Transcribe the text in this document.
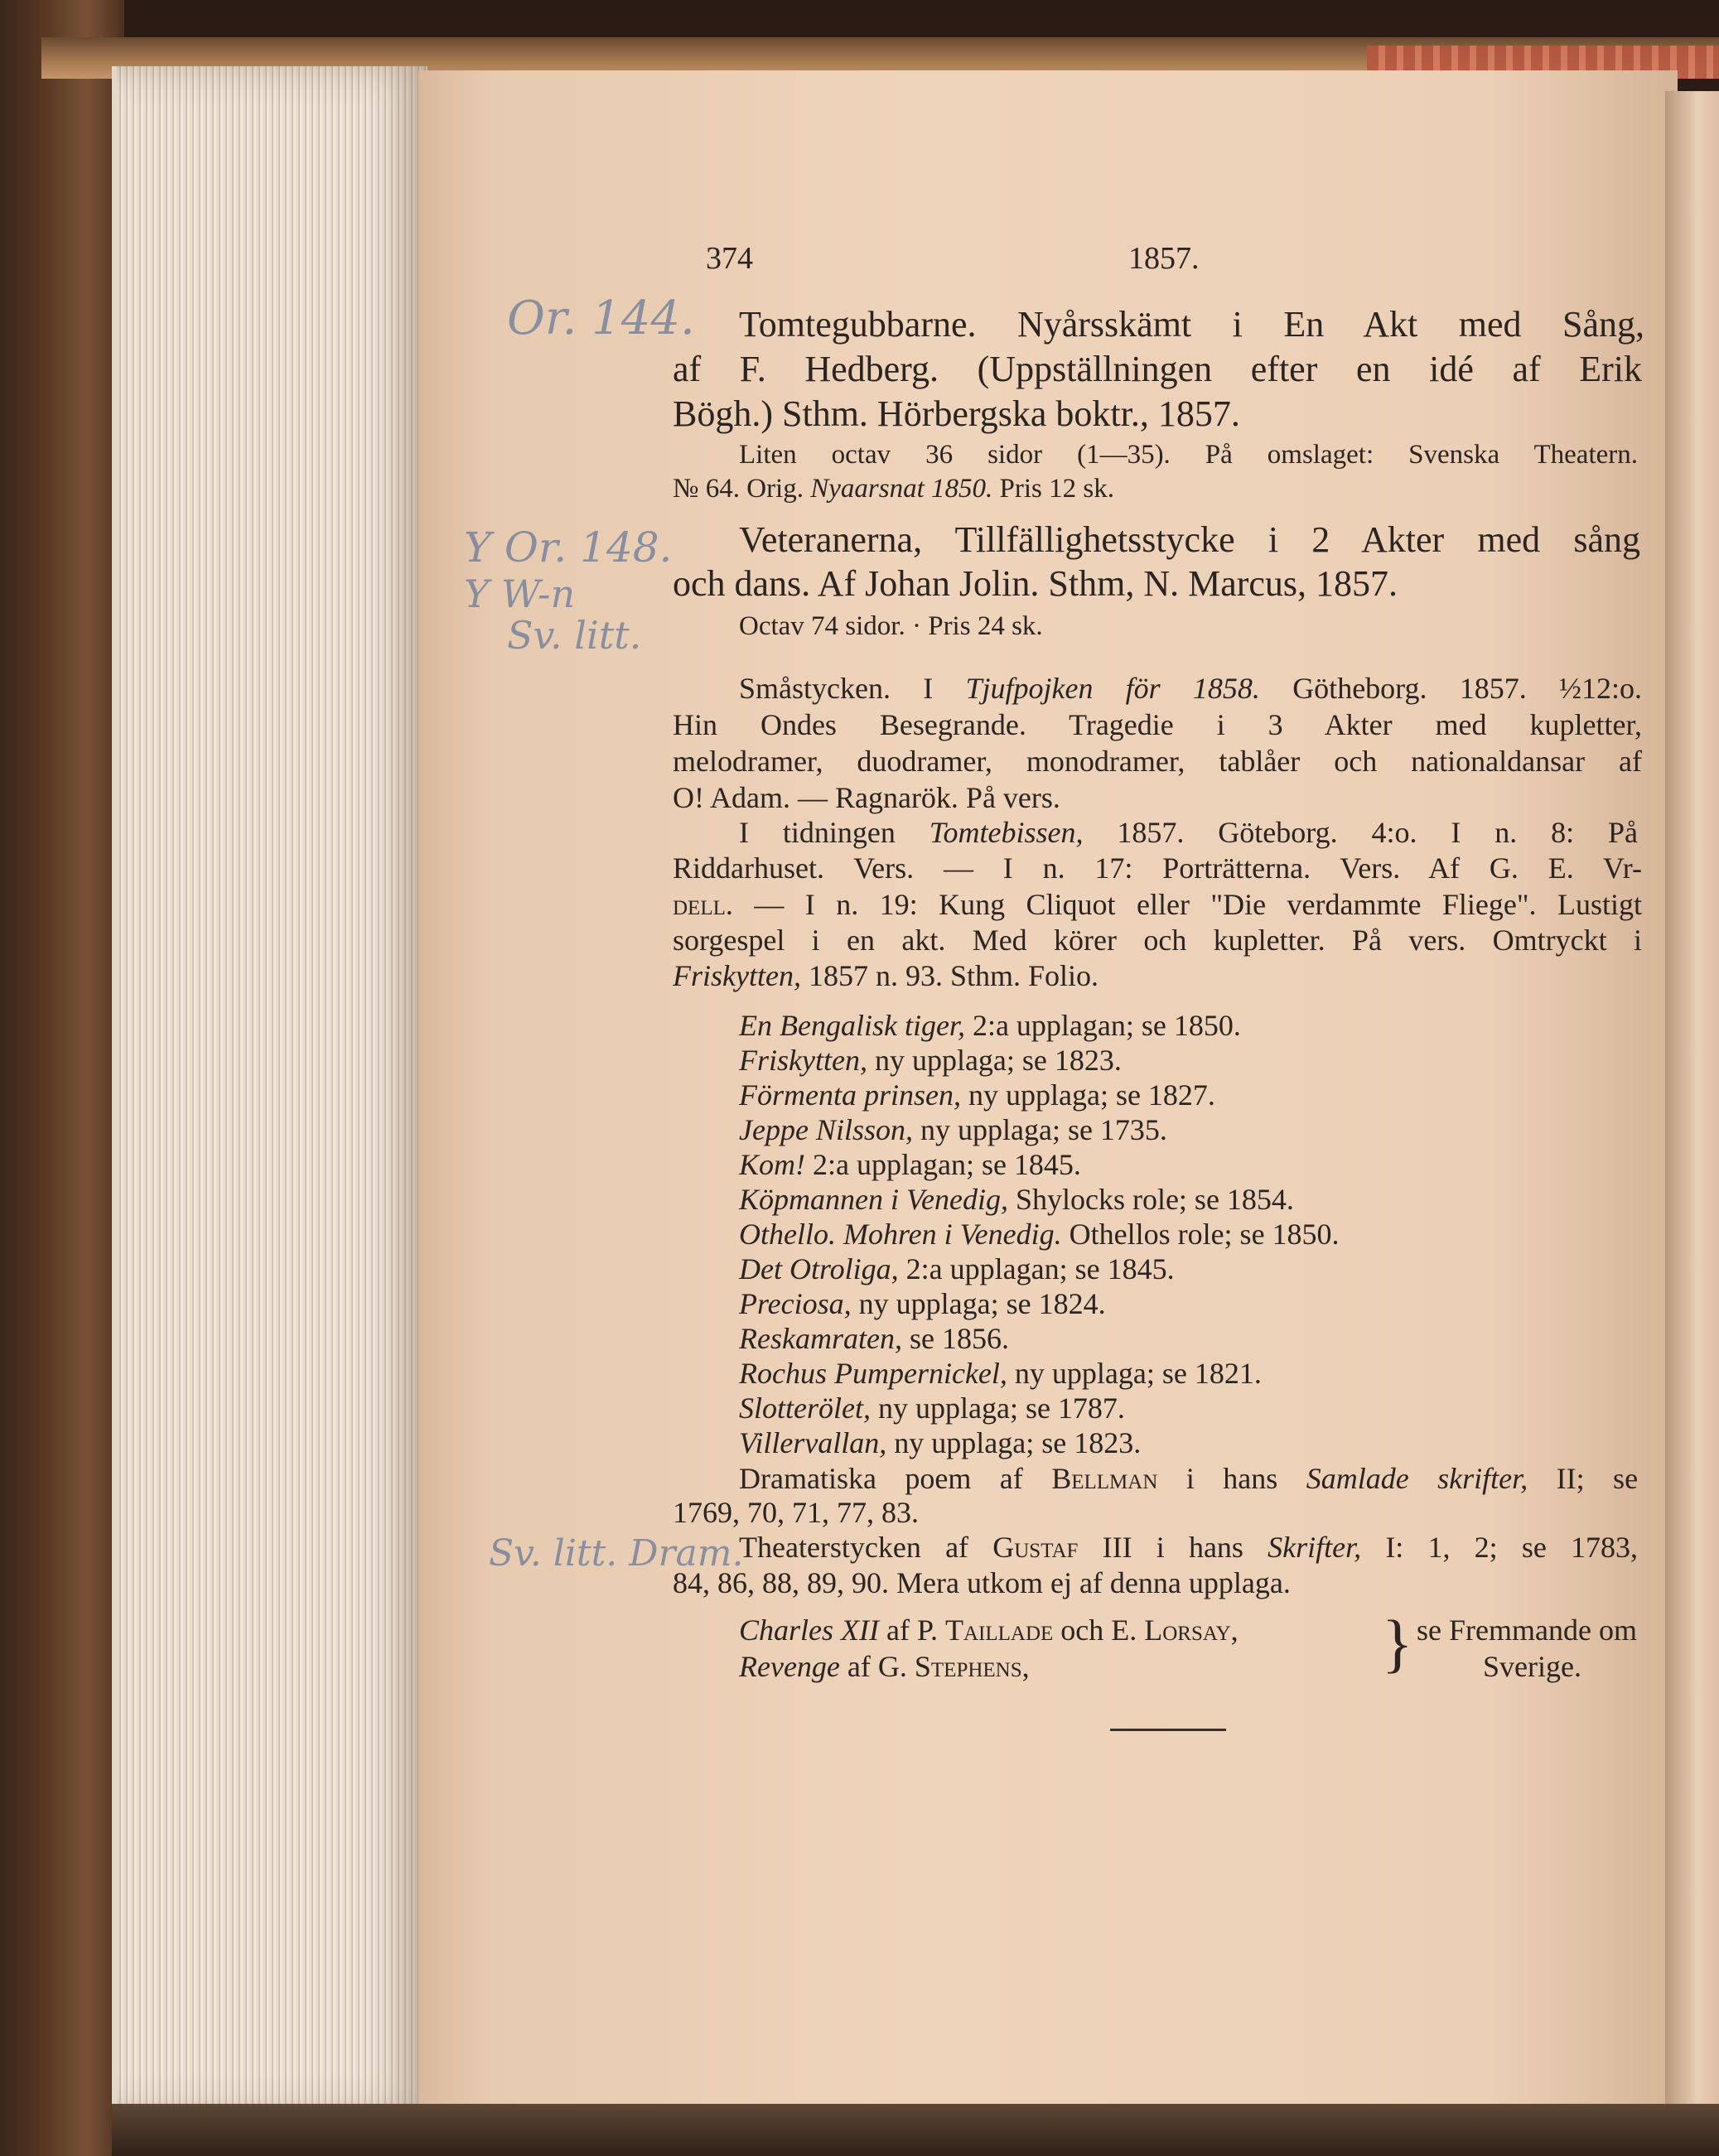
374	1857.
Or. 144.
Y Or. 148.
Y W-n
Sv. litt.
Sv. litt. Dram.
Tomtegubbarne. Nyårsskämt i En Akt med Sång,
af F. Hedberg. (Uppställningen efter en idé af Erik
Bögh.) Sthm. Hörbergska boktr., 1857.
Liten octav 36 sidor (1—35). På omslaget: Svenska Theatern.
№ 64. Orig. Nyaarsnat 1850. Pris 12 sk.
Veteranerna, Tillfällighetsstycke i 2 Akter med sång
och dans. Af Johan Jolin. Sthm, N. Marcus, 1857.
Octav 74 sidor. · Pris 24 sk.
Småstycken. I Tjufpojken för 1858. Götheborg. 1857. ½12:o.
Hin Ondes Besegrande. Tragedie i 3 Akter med kupletter,
melodramer, duodramer, monodramer, tablåer och nationaldansar af
O! Adam. — Ragnarök. På vers.
I tidningen Tomtebissen, 1857. Göteborg. 4:o. I n. 8: På
Riddarhuset. Vers. — I n. 17: Porträtterna. Vers. Af G. E. Vr-
dell. — I n. 19: Kung Cliquot eller "Die verdammte Fliege". Lustigt
sorgespel i en akt. Med körer och kupletter. På vers. Omtryckt i
Friskytten, 1857 n. 93. Sthm. Folio.
En Bengalisk tiger, 2:a upplagan; se 1850.
Friskytten, ny upplaga; se 1823.
Förmenta prinsen, ny upplaga; se 1827.
Jeppe Nilsson, ny upplaga; se 1735.
Kom! 2:a upplagan; se 1845.
Köpmannen i Venedig, Shylocks role; se 1854.
Othello. Mohren i Venedig. Othellos role; se 1850.
Det Otroliga, 2:a upplagan; se 1845.
Preciosa, ny upplaga; se 1824.
Reskamraten, se 1856.
Rochus Pumpernickel, ny upplaga; se 1821.
Slotterölet, ny upplaga; se 1787.
Villervallan, ny upplaga; se 1823.
Dramatiska poem af Bellman i hans Samlade skrifter, II; se
1769, 70, 71, 77, 83.
Theaterstycken af Gustaf III i hans Skrifter, I: 1, 2; se 1783,
84, 86, 88, 89, 90. Mera utkom ej af denna upplaga.
Charles XII af P. Taillade och E. Lorsay,
Revenge af G. Stephens,	} se Fremmande om
Sverige.
